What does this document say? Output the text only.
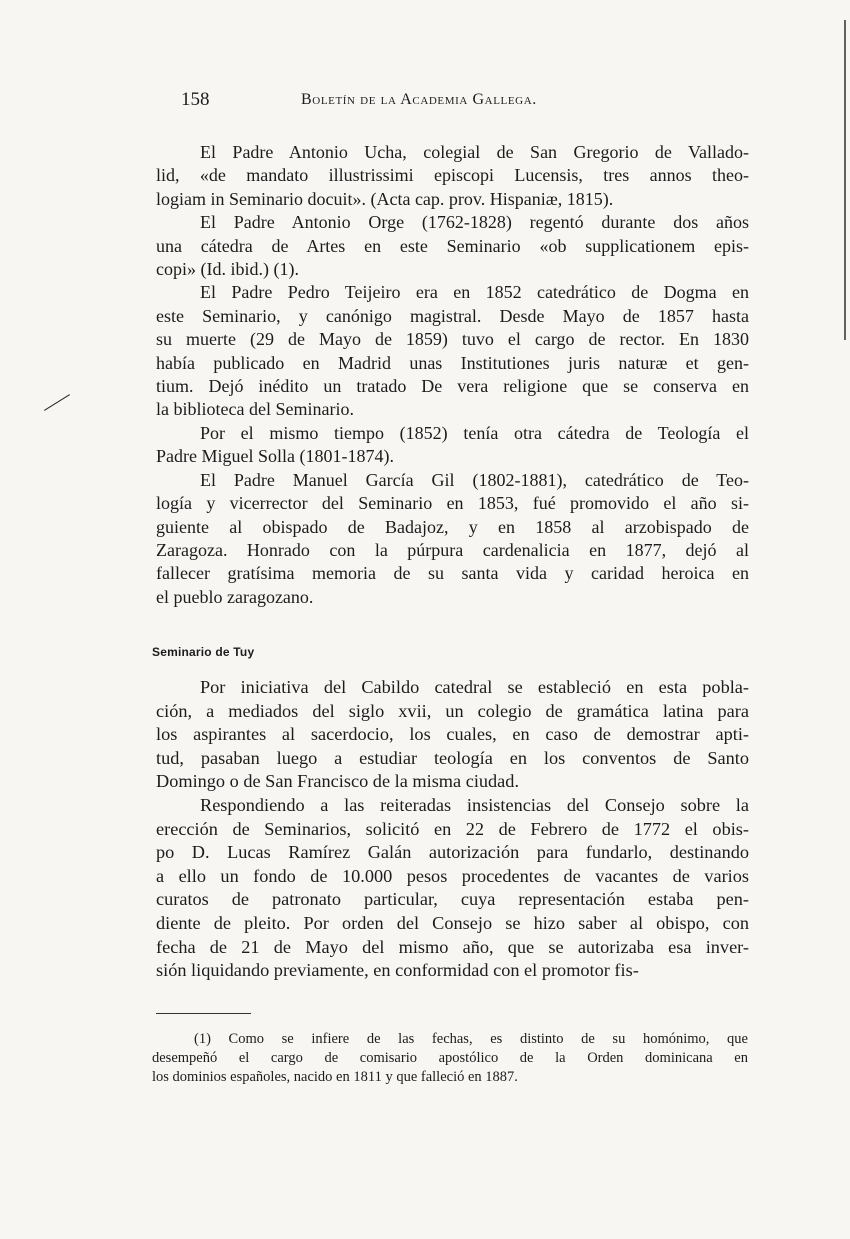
158	Boletín de la Academia Gallega.

El Padre Antonio Ucha, colegial de San Gregorio de Vallado-
lid, «de mandato illustrissimi episcopi Lucensis, tres annos theo-
logiam in Seminario docuit». (Acta cap. prov. Hispaniæ, 1815).

El Padre Antonio Orge (1762-1828) regentó durante dos años
una cátedra de Artes en este Seminario «ob supplicationem epis-
copi» (Id. ibid.) (1).

El Padre Pedro Teijeiro era en 1852 catedrático de Dogma en
este Seminario, y canónigo magistral. Desde Mayo de 1857 hasta
su muerte (29 de Mayo de 1859) tuvo el cargo de rector. En 1830
había publicado en Madrid unas Institutiones juris naturæ et gen-
tium. Dejó inédito un tratado De vera religione que se conserva en
la biblioteca del Seminario.

Por el mismo tiempo (1852) tenía otra cátedra de Teología el
Padre Miguel Solla (1801-1874).

El Padre Manuel García Gil (1802-1881), catedrático de Teo-
logía y vicerrector del Seminario en 1853, fué promovido el año si-
guiente al obispado de Badajoz, y en 1858 al arzobispado de
Zaragoza. Honrado con la púrpura cardenalicia en 1877, dejó al
fallecer gratísima memoria de su santa vida y caridad heroica en
el pueblo zaragozano.

Seminario de Tuy

Por iniciativa del Cabildo catedral se estableció en esta pobla-
ción, a mediados del siglo xvii, un colegio de gramática latina para
los aspirantes al sacerdocio, los cuales, en caso de demostrar apti-
tud, pasaban luego a estudiar teología en los conventos de Santo
Domingo o de San Francisco de la misma ciudad.

Respondiendo a las reiteradas insistencias del Consejo sobre la
erección de Seminarios, solicitó en 22 de Febrero de 1772 el obis-
po D. Lucas Ramírez Galán autorización para fundarlo, destinando
a ello un fondo de 10.000 pesos procedentes de vacantes de varios
curatos de patronato particular, cuya representación estaba pen-
diente de pleito. Por orden del Consejo se hizo saber al obispo, con
fecha de 21 de Mayo del mismo año, que se autorizaba esa inver-
sión liquidando previamente, en conformidad con el promotor fis-

(1) Como se infiere de las fechas, es distinto de su homónimo, que
desempeñó el cargo de comisario apostólico de la Orden dominicana en
los dominios españoles, nacido en 1811 y que falleció en 1887.
